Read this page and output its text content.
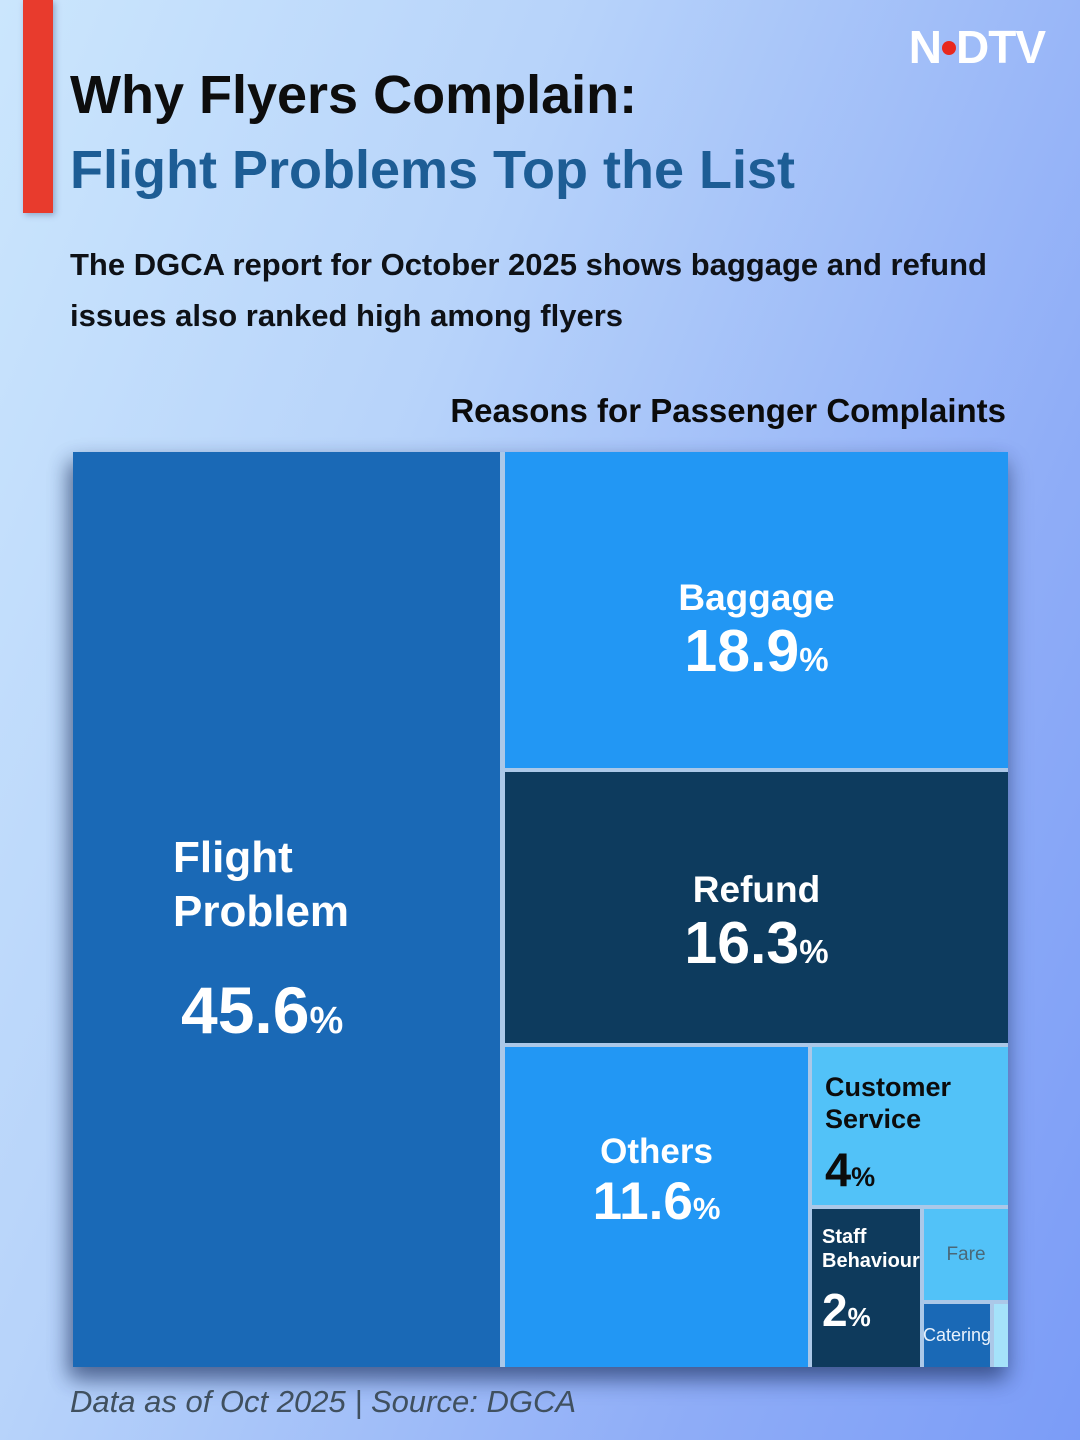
N DTV
Why Flyers Complain:
Flight Problems Top the List

The DGCA report for October 2025 shows baggage and refund issues also ranked high among flyers

Reasons for Passenger Complaints
Flight Problem
45.6%
Baggage
18.9%
Refund
16.3%
Others
11.6%
Customer Service
4%
Staff Behaviour
2%
Fare
Catering
Data as of Oct 2025 | Source: DGCA
